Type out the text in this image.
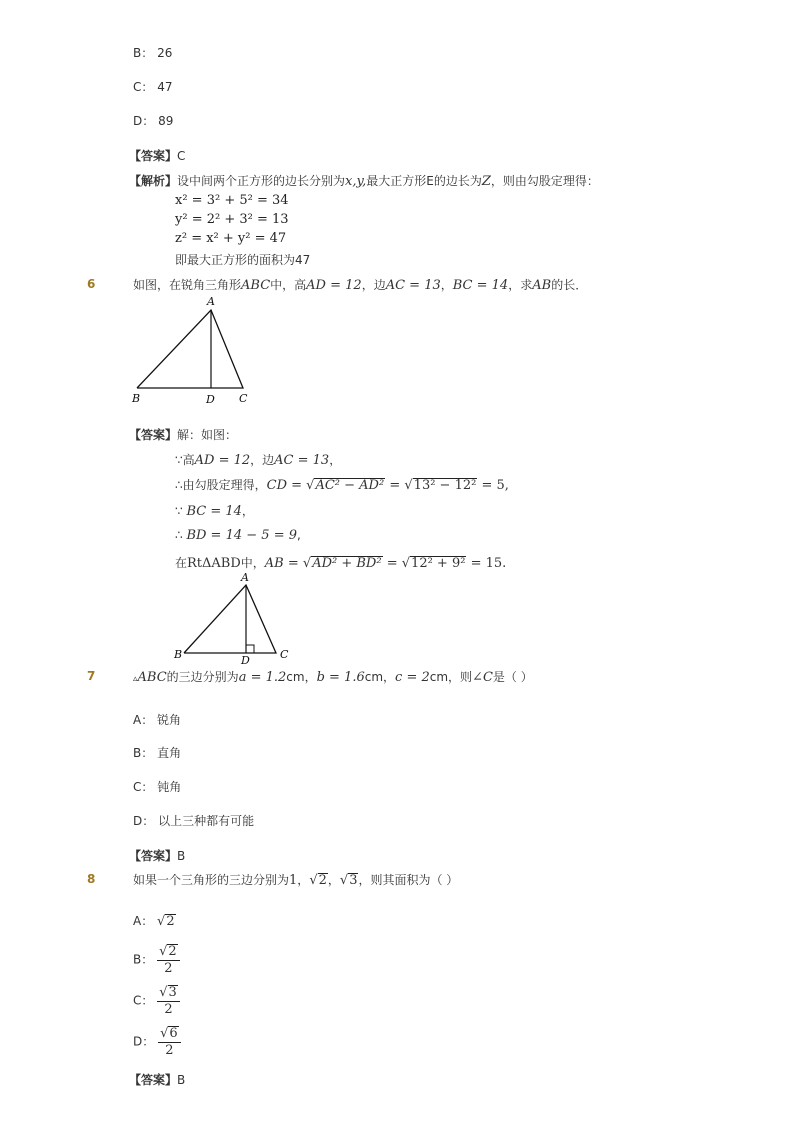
B： 26
C： 47
D： 89
【答案】C
【解析】设中间两个正方形的边长分别为x,y,最大正方形E的边长为Z，则由勾股定理得：
x² = 3² + 5² = 34
y² = 2² + 3² = 13
z² = x² + y² = 47
即最大正方形的面积为47
6	如图，在锐角三角形ABC中，高AD = 12，边AC = 13，BC = 14，求AB的长．
A
B	D C
【答案】解：如图：
∵高AD = 12，边AC = 13，
∴由勾股定理得，CD = √AC² − AD² = √13² − 12² = 5,
∵ BC = 14，
∴ BD = 14 − 5 = 9,
在RtΔABD中，AB = √AD² + BD² = √12² + 9² = 15.
A
B	D	C
7	▵ABC的三边分别为a = 1.2cm，b = 1.6cm，c = 2cm，则∠C是（ ）
A： 锐角
B： 直角
C： 钝角
D： 以上三种都有可能
【答案】B
8	如果一个三角形的三边分别为1，√2，√3，则其面积为（ ）
A： √2
B： $\frac{√2}{2}$
C： $\frac{√3}{2}$
D： $\frac{√6}{2}$
【答案】B
